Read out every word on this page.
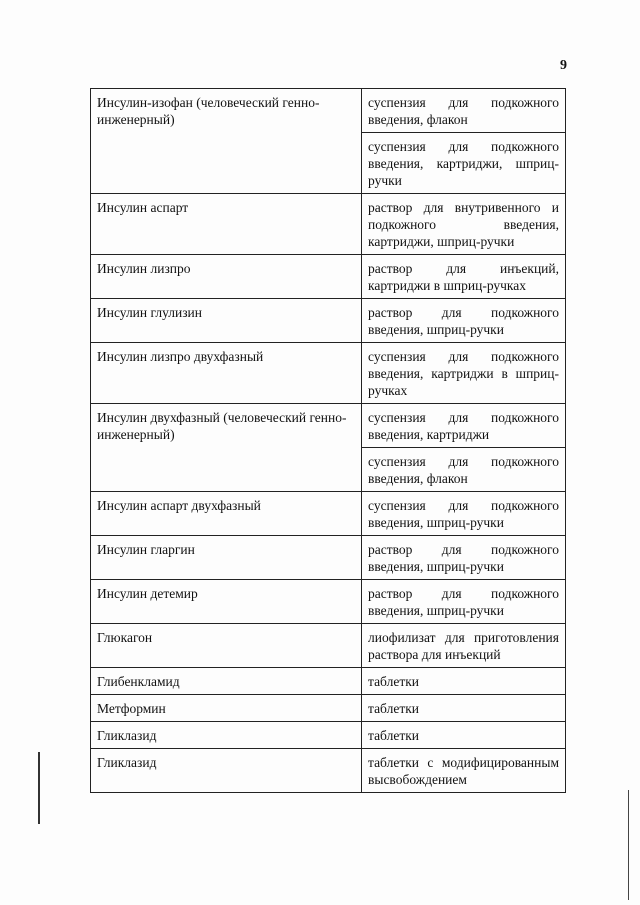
9
Инсулин-изофан (человеческий генно-инженерный)	суспензия для подкожного введения, флакон
	суспензия для подкожного введения, картриджи, шприц-ручки
Инсулин аспарт	раствор для внутривенного и подкожного введения, картриджи, шприц-ручки
Инсулин лизпро	раствор для инъекций, картриджи в шприц-ручках
Инсулин глулизин	раствор для подкожного введения, шприц-ручки
Инсулин лизпро двухфазный	суспензия для подкожного введения, картриджи в шприц-ручках
Инсулин двухфазный (человеческий генно-инженерный)	суспензия для подкожного введения, картриджи
	суспензия для подкожного введения, флакон
Инсулин аспарт двухфазный	суспензия для подкожного введения, шприц-ручки
Инсулин гларгин	раствор для подкожного введения, шприц-ручки
Инсулин детемир	раствор для подкожного введения, шприц-ручки
Глюкагон	лиофилизат для приготовления раствора для инъекций
Глибенкламид	таблетки
Метформин	таблетки
Гликлазид	таблетки
Гликлазид	таблетки с модифицированным высвобождением
